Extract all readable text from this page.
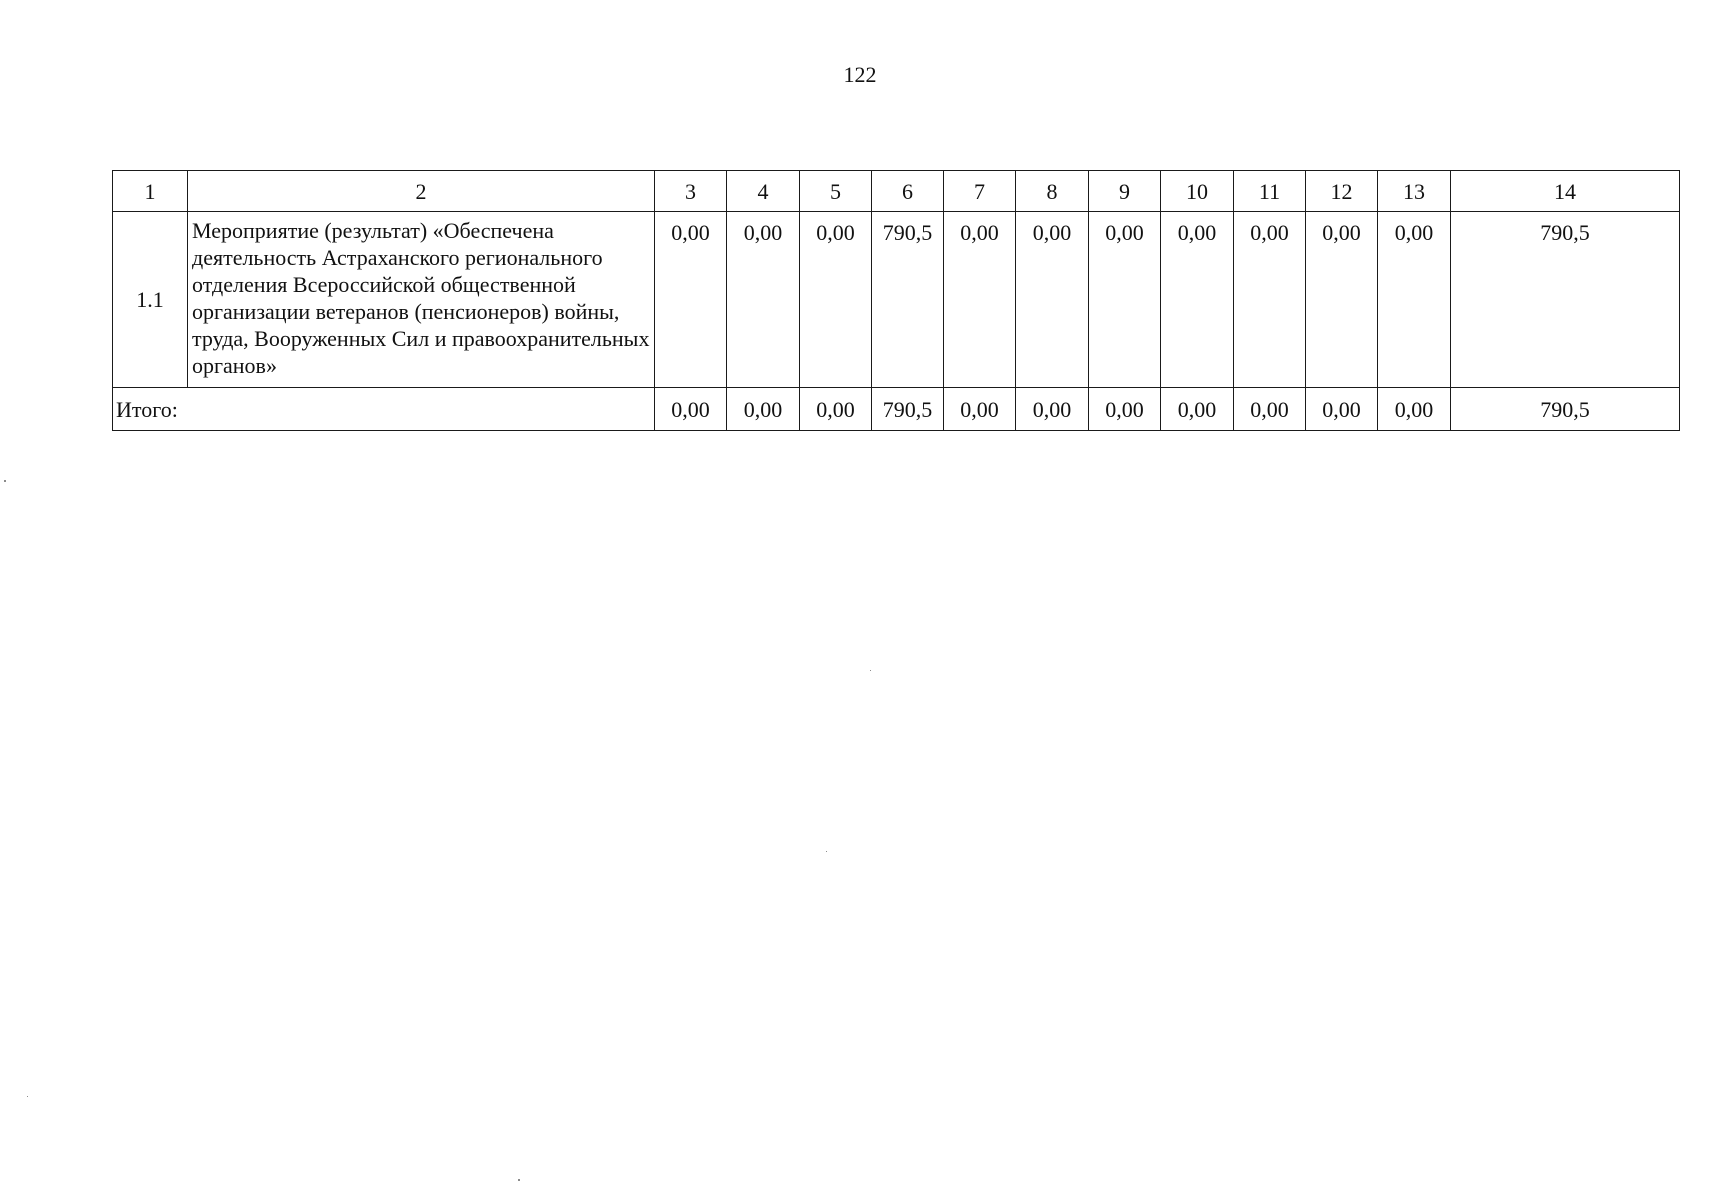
122
1	2	3	4	5	6	7	8	9	10	11	12	13	14
1.1	Мероприятие (результат) «Обеспечена деятельность Астраханского регионального отделения Всероссийской общественной организации ветеранов (пенсионеров) войны, труда, Вооруженных Сил и правоохранительных органов»	0,00	0,00	0,00	790,5	0,00	0,00	0,00	0,00	0,00	0,00	0,00	790,5
Итого:		0,00	0,00	0,00	790,5	0,00	0,00	0,00	0,00	0,00	0,00	0,00	790,5
